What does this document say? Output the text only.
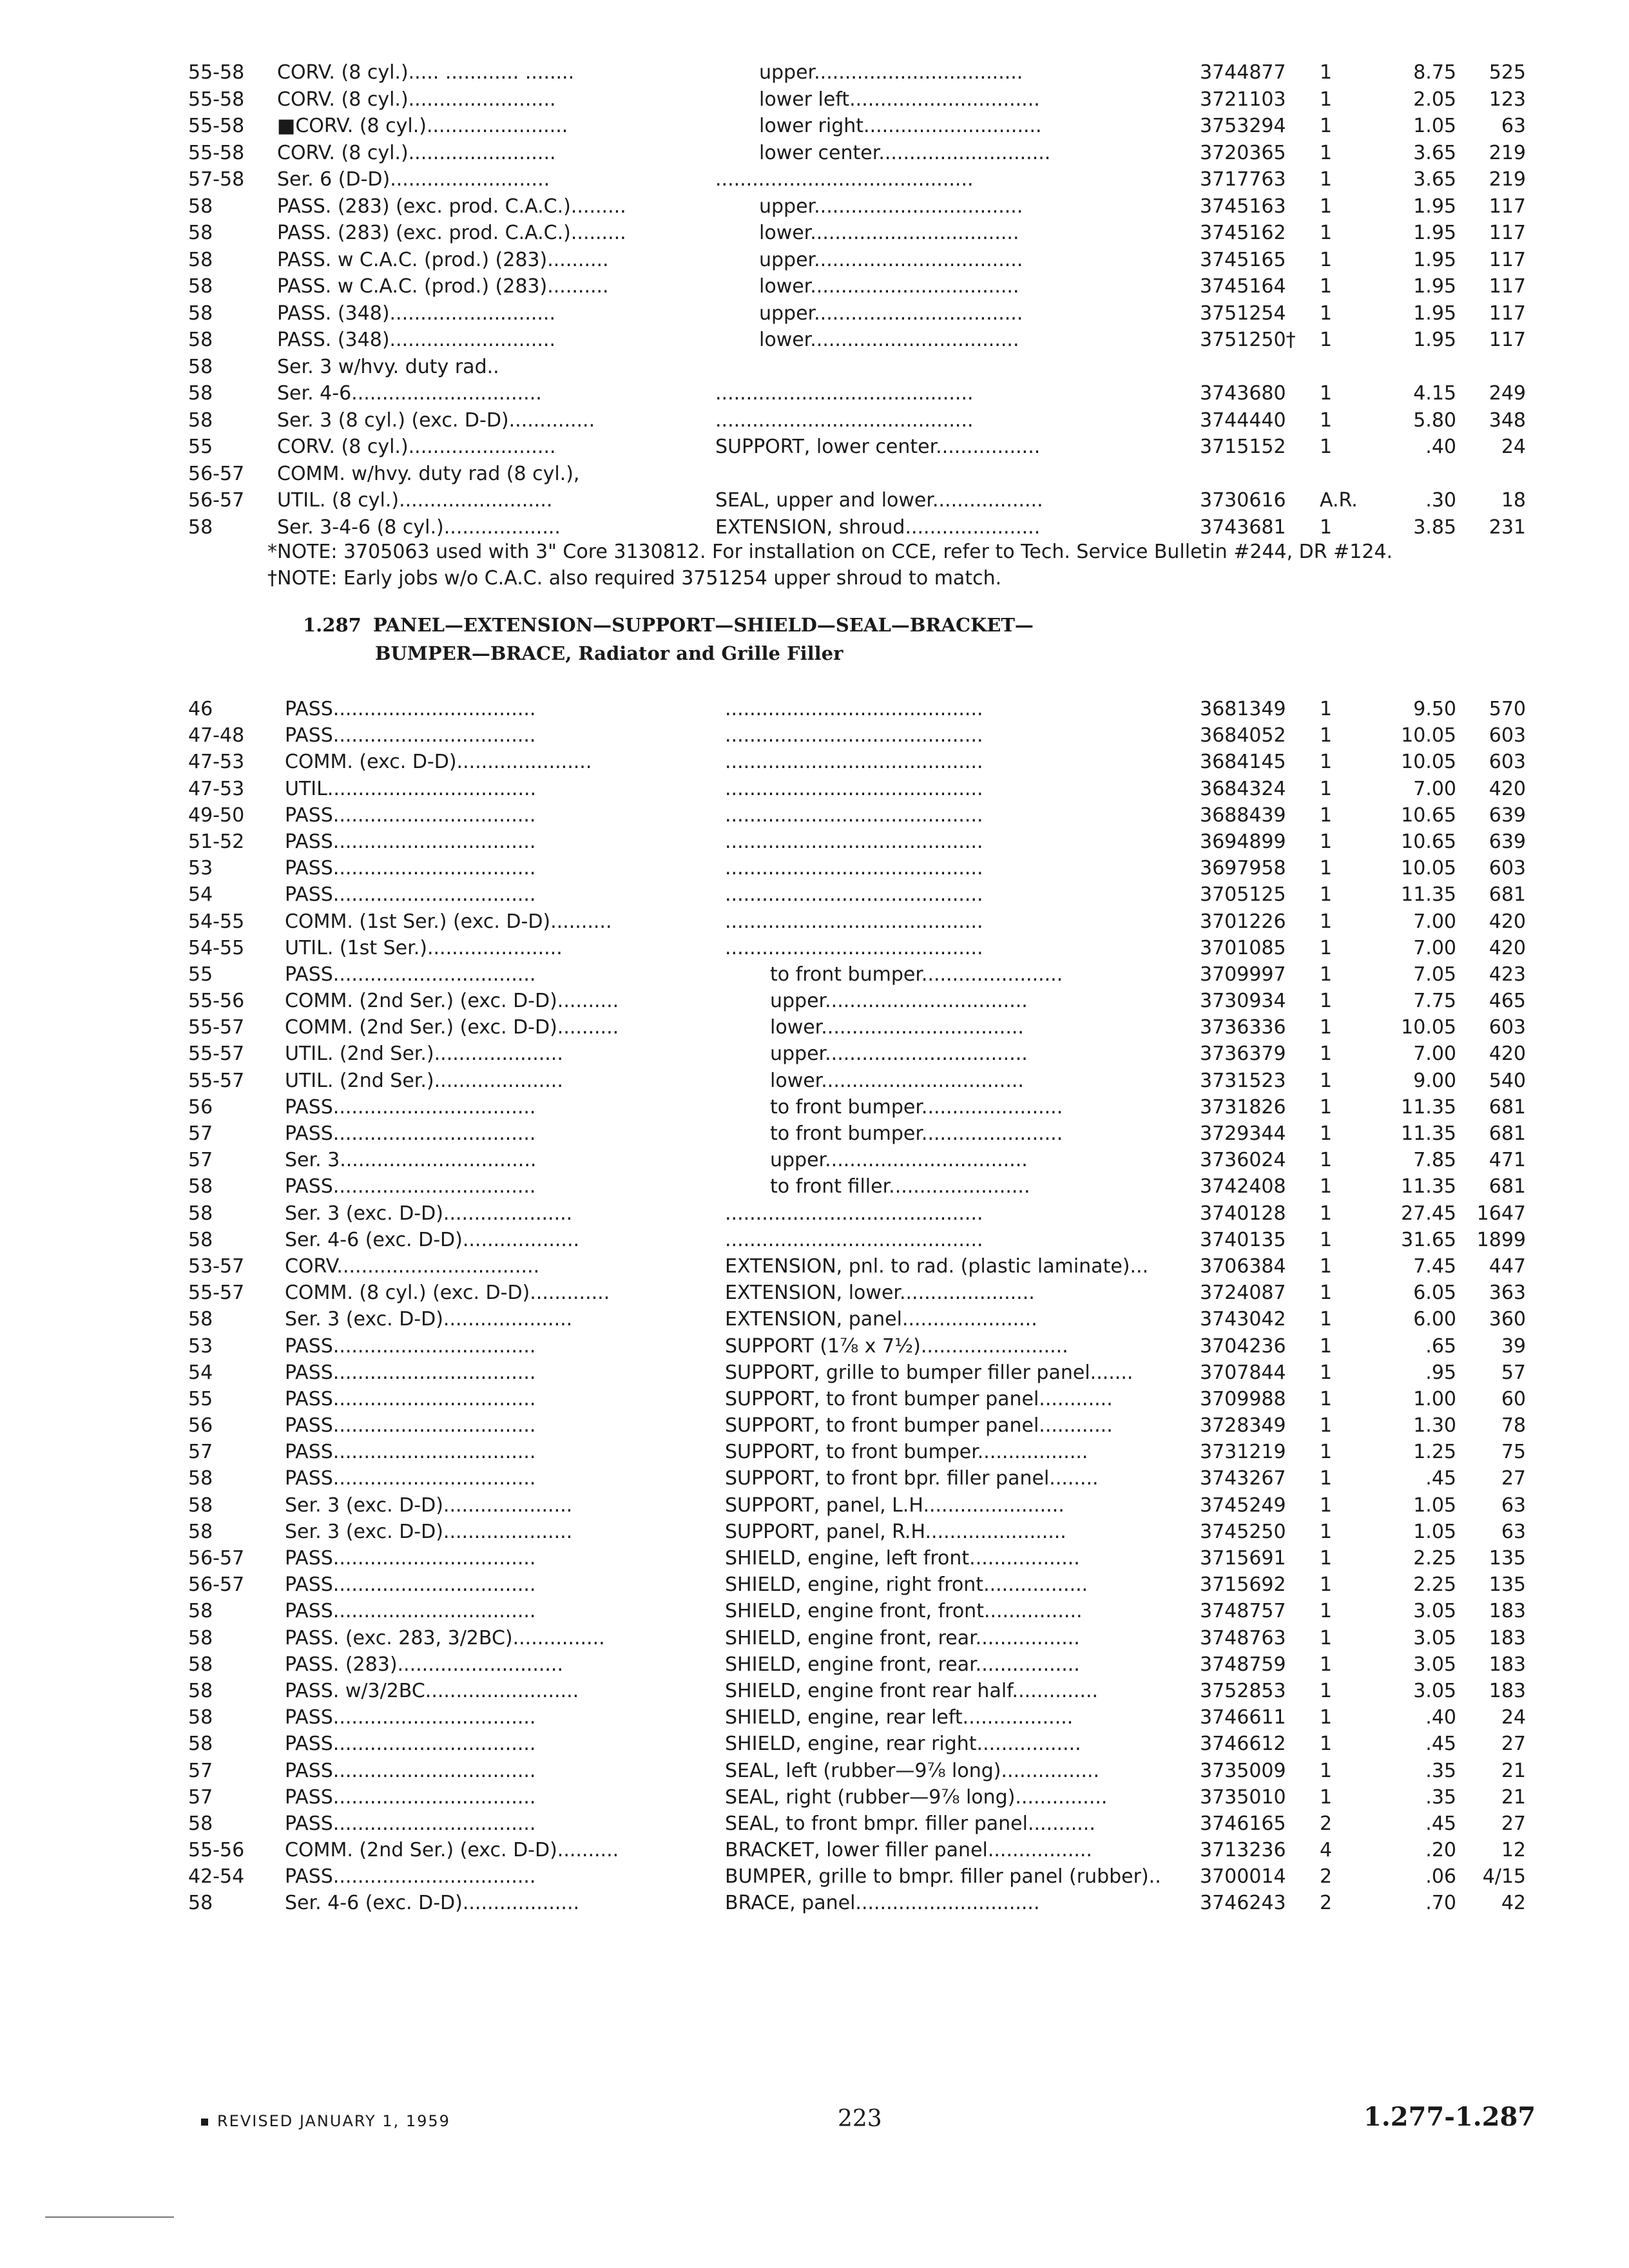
55-58	CORV. (8 cyl.)..... ............ ........	upper..................................	3744877	1	8.75	525
55-58	CORV. (8 cyl.)........................	lower left...............................	3721103	1	2.05	123
55-58	■CORV. (8 cyl.).......................	lower right.............................	3753294	1	1.05	63
55-58	CORV. (8 cyl.)........................	lower center............................	3720365	1	3.65	219
57-58	Ser. 6 (D-D)..........................	..........................................	3717763	1	3.65	219
58	PASS. (283) (exc. prod. C.A.C.).........	upper..................................	3745163	1	1.95	117
58	PASS. (283) (exc. prod. C.A.C.).........	lower..................................	3745162	1	1.95	117
58	PASS. w C.A.C. (prod.) (283)..........	upper..................................	3745165	1	1.95	117
58	PASS. w C.A.C. (prod.) (283)..........	lower..................................	3745164	1	1.95	117
58	PASS. (348)...........................	upper..................................	3751254	1	1.95	117
58	PASS. (348)...........................	lower..................................	3751250†	1	1.95	117
58	Ser. 3 w/hvy. duty rad..
58	Ser. 4-6...............................	..........................................	3743680	1	4.15	249
58	Ser. 3 (8 cyl.) (exc. D-D)..............	..........................................	3744440	1	5.80	348
55	CORV. (8 cyl.)........................	SUPPORT, lower center.................	3715152	1	.40	24
56-57	COMM. w/hvy. duty rad (8 cyl.),
56-57	UTIL. (8 cyl.).........................	SEAL, upper and lower..................	3730616	A.R.	.30	18
58	Ser. 3-4-6 (8 cyl.)...................	EXTENSION, shroud......................	3743681	1	3.85	231
*NOTE: 3705063 used with 3" Core 3130812. For installation on CCE, refer to Tech. Service Bulletin #244, DR #124.
†NOTE: Early jobs w/o C.A.C. also required 3751254 upper shroud to match.
1.287 PANEL—EXTENSION—SUPPORT—SHIELD—SEAL—BRACKET—
BUMPER—BRACE, Radiator and Grille Filler
46	PASS.................................	..........................................	3681349	1	9.50	570
47-48	PASS.................................	..........................................	3684052	1	10.05	603
47-53	COMM. (exc. D-D)......................	..........................................	3684145	1	10.05	603
47-53	UTIL..................................	..........................................	3684324	1	7.00	420
49-50	PASS.................................	..........................................	3688439	1	10.65	639
51-52	PASS.................................	..........................................	3694899	1	10.65	639
53	PASS.................................	..........................................	3697958	1	10.05	603
54	PASS.................................	..........................................	3705125	1	11.35	681
54-55	COMM. (1st Ser.) (exc. D-D)..........	..........................................	3701226	1	7.00	420
54-55	UTIL. (1st Ser.)......................	..........................................	3701085	1	7.00	420
55	PASS.................................	to front bumper.......................	3709997	1	7.05	423
55-56	COMM. (2nd Ser.) (exc. D-D)..........	upper.................................	3730934	1	7.75	465
55-57	COMM. (2nd Ser.) (exc. D-D)..........	lower.................................	3736336	1	10.05	603
55-57	UTIL. (2nd Ser.).....................	upper.................................	3736379	1	7.00	420
55-57	UTIL. (2nd Ser.).....................	lower.................................	3731523	1	9.00	540
56	PASS.................................	to front bumper.......................	3731826	1	11.35	681
57	PASS.................................	to front bumper.......................	3729344	1	11.35	681
57	Ser. 3................................	upper.................................	3736024	1	7.85	471
58	PASS.................................	to front filler.......................	3742408	1	11.35	681
58	Ser. 3 (exc. D-D).....................	..........................................	3740128	1	27.45	1647
58	Ser. 4-6 (exc. D-D)...................	..........................................	3740135	1	31.65	1899
53-57	CORV.................................	EXTENSION, pnl. to rad. (plastic laminate)...	3706384	1	7.45	447
55-57	COMM. (8 cyl.) (exc. D-D).............	EXTENSION, lower......................	3724087	1	6.05	363
58	Ser. 3 (exc. D-D).....................	EXTENSION, panel......................	3743042	1	6.00	360
53	PASS.................................	SUPPORT (1⅞ x 7½)........................	3704236	1	.65	39
54	PASS.................................	SUPPORT, grille to bumper filler panel.......	3707844	1	.95	57
55	PASS.................................	SUPPORT, to front bumper panel............	3709988	1	1.00	60
56	PASS.................................	SUPPORT, to front bumper panel............	3728349	1	1.30	78
57	PASS.................................	SUPPORT, to front bumper..................	3731219	1	1.25	75
58	PASS.................................	SUPPORT, to front bpr. filler panel........	3743267	1	.45	27
58	Ser. 3 (exc. D-D).....................	SUPPORT, panel, L.H.......................	3745249	1	1.05	63
58	Ser. 3 (exc. D-D).....................	SUPPORT, panel, R.H.......................	3745250	1	1.05	63
56-57	PASS.................................	SHIELD, engine, left front..................	3715691	1	2.25	135
56-57	PASS.................................	SHIELD, engine, right front.................	3715692	1	2.25	135
58	PASS.................................	SHIELD, engine front, front................	3748757	1	3.05	183
58	PASS. (exc. 283, 3/2BC)...............	SHIELD, engine front, rear.................	3748763	1	3.05	183
58	PASS. (283)...........................	SHIELD, engine front, rear.................	3748759	1	3.05	183
58	PASS. w/3/2BC.........................	SHIELD, engine front rear half..............	3752853	1	3.05	183
58	PASS.................................	SHIELD, engine, rear left..................	3746611	1	.40	24
58	PASS.................................	SHIELD, engine, rear right.................	3746612	1	.45	27
57	PASS.................................	SEAL, left (rubber—9⅞ long)................	3735009	1	.35	21
57	PASS.................................	SEAL, right (rubber—9⅞ long)...............	3735010	1	.35	21
58	PASS.................................	SEAL, to front bmpr. filler panel...........	3746165	2	.45	27
55-56	COMM. (2nd Ser.) (exc. D-D)..........	BRACKET, lower filler panel.................	3713236	4	.20	12
42-54	PASS.................................	BUMPER, grille to bmpr. filler panel (rubber)..	3700014	2	.06	4/15
58	Ser. 4-6 (exc. D-D)...................	BRACE, panel..............................	3746243	2	.70	42
REVISED JANUARY 1, 1959	223	1.277-1.287
